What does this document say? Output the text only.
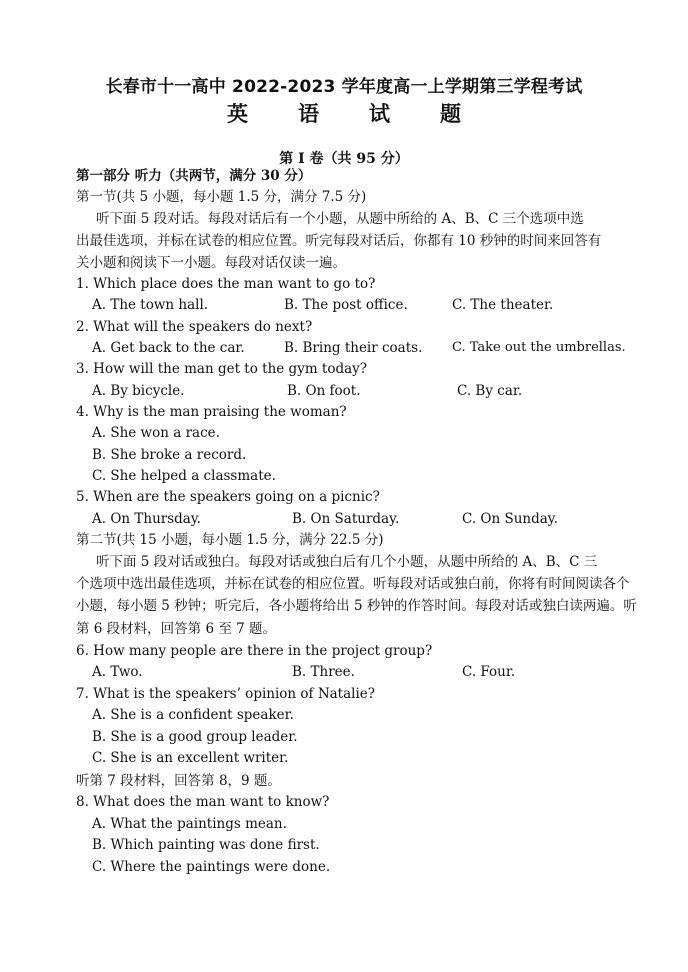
长春市十一高中 2022-2023 学年度高一上学期第三学程考试
英 语 试 题
第 I 卷（共 95 分）
第一部分 听力（共两节，满分 30 分）
第一节(共 5 小题，每小题 1.5 分，满分 7.5 分)
听下面 5 段对话。每段对话后有一个小题，从题中所给的 A、B、C 三个选项中选
出最佳选项，并标在试卷的相应位置。听完每段对话后，你都有 10 秒钟的时间来回答有
关小题和阅读下一小题。每段对话仅读一遍。
1. Which place does the man want to go to?
A. The town hall.	B. The post office.	C. The theater.
2. What will the speakers do next?
A. Get back to the car.	B. Bring their coats. C. Take out the umbrellas.
3. How will the man get to the gym today?
A. By bicycle.	B. On foot.	C. By car.
4. Why is the man praising the woman?
A. She won a race.
B. She broke a record.
C. She helped a classmate.
5. When are the speakers going on a picnic?
A. On Thursday.	B. On Saturday.	C. On Sunday.
第二节(共 15 小题，每小题 1.5 分，满分 22.5 分)
听下面 5 段对话或独白。每段对话或独白后有几个小题，从题中所给的 A、B、C 三
个选项中选出最佳选项，并标在试卷的相应位置。听每段对话或独白前，你将有时间阅读各个
小题，每小题 5 秒钟；听完后，各小题将给出 5 秒钟的作答时间。每段对话或独白读两遍。听
第 6 段材料，回答第 6 至 7 题。
6. How many people are there in the project group?
A. Two.	B. Three.	C. Four.
7. What is the speakers’ opinion of Natalie?
A. She is a confident speaker.
B. She is a good group leader.
C. She is an excellent writer.
听第 7 段材料，回答第 8，9 题。
8. What does the man want to know?
A. What the paintings mean.
B. Which painting was done first.
C. Where the paintings were done.
